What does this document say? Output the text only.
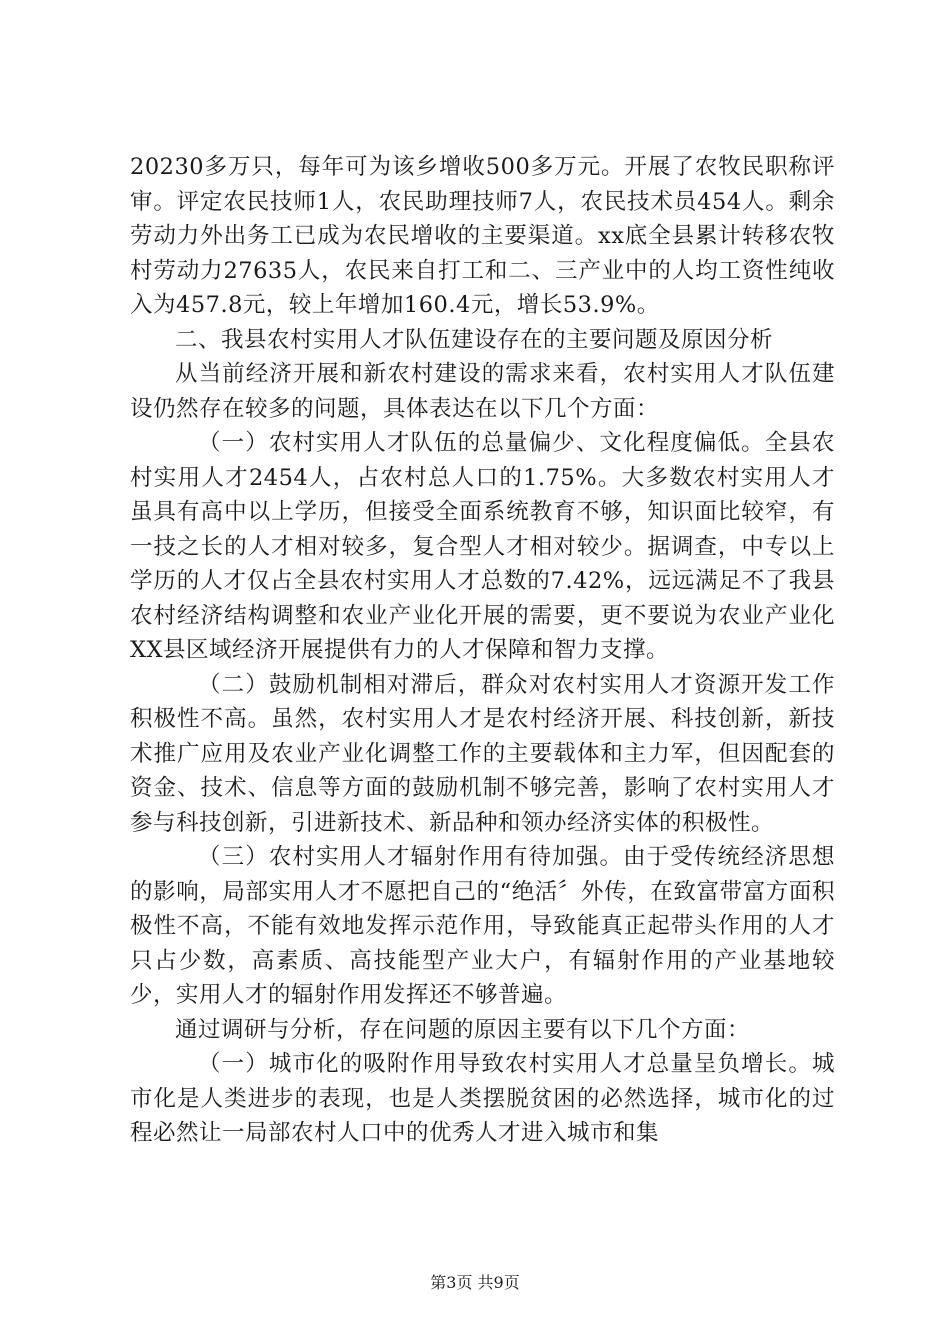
20230多万只，每年可为该乡增收500多万元。开展了农牧民职称评审。评定农民技师1人，农民助理技师7人，农民技术员454人。剩余劳动力外出务工已成为农民增收的主要渠道。xx底全县累计转移农牧村劳动力27635人，农民来自打工和二、三产业中的人均工资性纯收入为457.8元，较上年增加160.4元，增长53.9%。

二、我县农村实用人才队伍建设存在的主要问题及原因分析

从当前经济开展和新农村建设的需求来看，农村实用人才队伍建设仍然存在较多的问题，具体表达在以下几个方面：

（一）农村实用人才队伍的总量偏少、文化程度偏低。全县农村实用人才2454人，占农村总人口的1.75%。大多数农村实用人才虽具有高中以上学历，但接受全面系统教育不够，知识面比较窄，有一技之长的人才相对较多，复合型人才相对较少。据调查，中专以上学历的人才仅占全县农村实用人才总数的7.42%，远远满足不了我县农村经济结构调整和农业产业化开展的需要，更不要说为农业产业化XX县区域经济开展提供有力的人才保障和智力支撑。

（二）鼓励机制相对滞后，群众对农村实用人才资源开发工作积极性不高。虽然，农村实用人才是农村经济开展、科技创新，新技术推广应用及农业产业化调整工作的主要载体和主力军，但因配套的资金、技术、信息等方面的鼓励机制不够完善，影响了农村实用人才参与科技创新，引进新技术、新品种和领办经济实体的积极性。

（三）农村实用人才辐射作用有待加强。由于受传统经济思想的影响，局部实用人才不愿把自己的“绝活〞外传，在致富带富方面积极性不高，不能有效地发挥示范作用，导致能真正起带头作用的人才只占少数，高素质、高技能型产业大户，有辐射作用的产业基地较少，实用人才的辐射作用发挥还不够普遍。

通过调研与分析，存在问题的原因主要有以下几个方面：

（一）城市化的吸附作用导致农村实用人才总量呈负增长。城市化是人类进步的表现，也是人类摆脱贫困的必然选择，城市化的过程必然让一局部农村人口中的优秀人才进入城市和集

第3页 共9页
